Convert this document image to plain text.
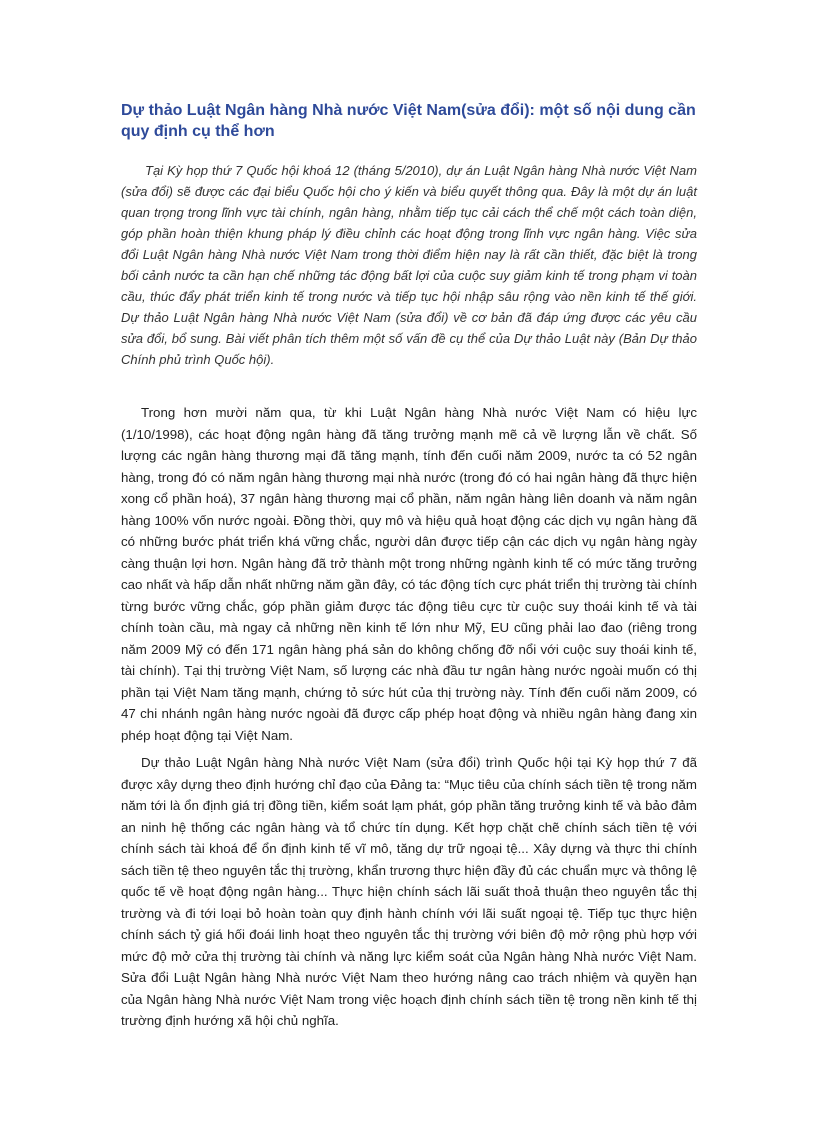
Dự thảo Luật Ngân hàng Nhà nước Việt Nam(sửa đổi): một số nội dung cần quy định cụ thể hơn

Tại Kỳ họp thứ 7 Quốc hội khoá 12 (tháng 5/2010), dự án Luật Ngân hàng Nhà nước Việt Nam (sửa đổi) sẽ được các đại biểu Quốc hội cho ý kiến và biểu quyết thông qua. Đây là một dự án luật quan trọng trong lĩnh vực tài chính, ngân hàng, nhằm tiếp tục cải cách thể chế một cách toàn diện, góp phần hoàn thiện khung pháp lý điều chỉnh các hoạt động trong lĩnh vực ngân hàng. Việc sửa đổi Luật Ngân hàng Nhà nước Việt Nam trong thời điểm hiện nay là rất cần thiết, đặc biệt là trong bối cảnh nước ta cần hạn chế những tác động bất lợi của cuộc suy giảm kinh tế trong phạm vi toàn cầu, thúc đẩy phát triển kinh tế trong nước và tiếp tục hội nhập sâu rộng vào nền kinh tế thế giới. Dự thảo Luật Ngân hàng Nhà nước Việt Nam (sửa đổi) về cơ bản đã đáp ứng được các yêu cầu sửa đổi, bổ sung. Bài viết phân tích thêm một số vấn đề cụ thể của Dự thảo Luật này (Bản Dự thảo Chính phủ trình Quốc hội).

Trong hơn mười năm qua, từ khi Luật Ngân hàng Nhà nước Việt Nam có hiệu lực (1/10/1998), các hoạt động ngân hàng đã tăng trưởng mạnh mẽ cả về lượng lẫn về chất. Số lượng các ngân hàng thương mại đã tăng mạnh, tính đến cuối năm 2009, nước ta có 52 ngân hàng, trong đó có năm ngân hàng thương mại nhà nước (trong đó có hai ngân hàng đã thực hiện xong cổ phần hoá), 37 ngân hàng thương mại cổ phần, năm ngân hàng liên doanh và năm ngân hàng 100% vốn nước ngoài. Đồng thời, quy mô và hiệu quả hoạt động các dịch vụ ngân hàng đã có những bước phát triển khá vững chắc, người dân được tiếp cận các dịch vụ ngân hàng ngày càng thuận lợi hơn. Ngân hàng đã trở thành một trong những ngành kinh tế có mức tăng trưởng cao nhất và hấp dẫn nhất những năm gần đây, có tác động tích cực phát triển thị trường tài chính từng bước vững chắc, góp phần giảm được tác động tiêu cực từ cuộc suy thoái kinh tế và tài chính toàn cầu, mà ngay cả những nền kinh tế lớn như Mỹ, EU cũng phải lao đao (riêng trong năm 2009 Mỹ có đến 171 ngân hàng phá sản do không chống đỡ nổi với cuộc suy thoái kinh tế, tài chính). Tại thị trường Việt Nam, số lượng các nhà đầu tư ngân hàng nước ngoài muốn có thị phần tại Việt Nam tăng mạnh, chứng tỏ sức hút của thị trường này. Tính đến cuối năm 2009, có 47 chi nhánh ngân hàng nước ngoài đã được cấp phép hoạt động và nhiều ngân hàng đang xin phép hoạt động tại Việt Nam.

Dự thảo Luật Ngân hàng Nhà nước Việt Nam (sửa đổi) trình Quốc hội tại Kỳ họp thứ 7 đã được xây dựng theo định hướng chỉ đạo của Đảng ta: “Mục tiêu của chính sách tiền tệ trong năm năm tới là ổn định giá trị đồng tiền, kiểm soát lạm phát, góp phần tăng trưởng kinh tế và bảo đảm an ninh hệ thống các ngân hàng và tổ chức tín dụng. Kết hợp chặt chẽ chính sách tiền tệ với chính sách tài khoá để ổn định kinh tế vĩ mô, tăng dự trữ ngoại tệ... Xây dựng và thực thi chính sách tiền tệ theo nguyên tắc thị trường, khẩn trương thực hiện đầy đủ các chuẩn mực và thông lệ quốc tế về hoạt động ngân hàng... Thực hiện chính sách lãi suất thoả thuận theo nguyên tắc thị trường và đi tới loại bỏ hoàn toàn quy định hành chính với lãi suất ngoại tệ. Tiếp tục thực hiện chính sách tỷ giá hối đoái linh hoạt theo nguyên tắc thị trường với biên độ mở rộng phù hợp với mức độ mở cửa thị trường tài chính và năng lực kiểm soát của Ngân hàng Nhà nước Việt Nam. Sửa đổi Luật Ngân hàng Nhà nước Việt Nam theo hướng nâng cao trách nhiệm và quyền hạn của Ngân hàng Nhà nước Việt Nam trong việc hoạch định chính sách tiền tệ trong nền kinh tế thị trường định hướng xã hội chủ nghĩa.
